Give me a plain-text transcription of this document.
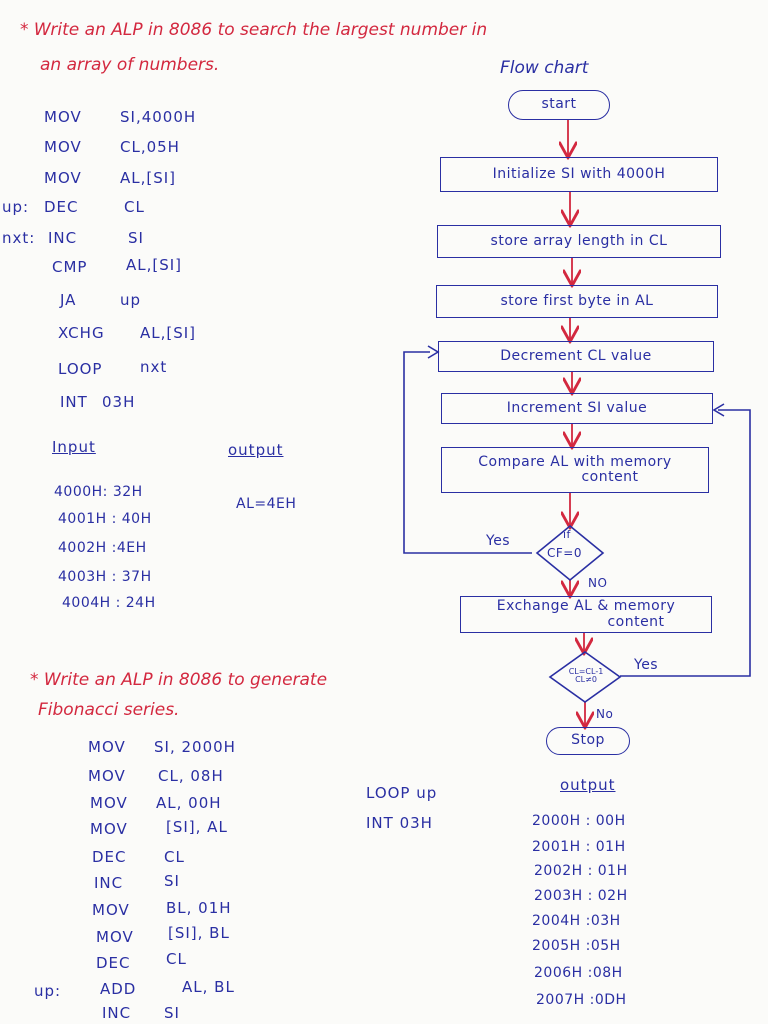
* Write an ALP in 8086 to search the largest number in
an array of numbers.	Flow chart
MOV	SI,4000H
MOV	CL,05H
MOV	AL,[SI]
up: DEC	CL
nxt: INC	SI
CMP	AL,[SI]
JA	up
XCHG AL,[SI]
LOOP	nxt
INT 03H
Input	output
4000H: 32H
4001H : 40H
4002H :4EH
4003H : 37H
4004H : 24H
AL=4EH
start
Initialize SI with 4000H
store array length in CL
store first byte in AL
Decrement CL value
Increment SI value
Compare AL with memory
content
if
CF=0
Yes
NO
Exchange AL & memory
content
CL=CL-1 CL≠0
Yes
No
Stop
* Write an ALP in 8086 to generate
Fibonacci series.
MOV SI, 2000H
MOV CL, 08H
MOV AL, 00H
MOV	[SI], AL
DEC CL
INC	SI
MOV BL, 01H
MOV [SI], BL
DEC CL
up:	ADD	AL, BL
INC SI
LOOP up
INT 03H
output
2000H : 00H
2001H : 01H
2002H : 01H
2003H : 02H
2004H :03H
2005H :05H
2006H :08H
2007H :0DH
